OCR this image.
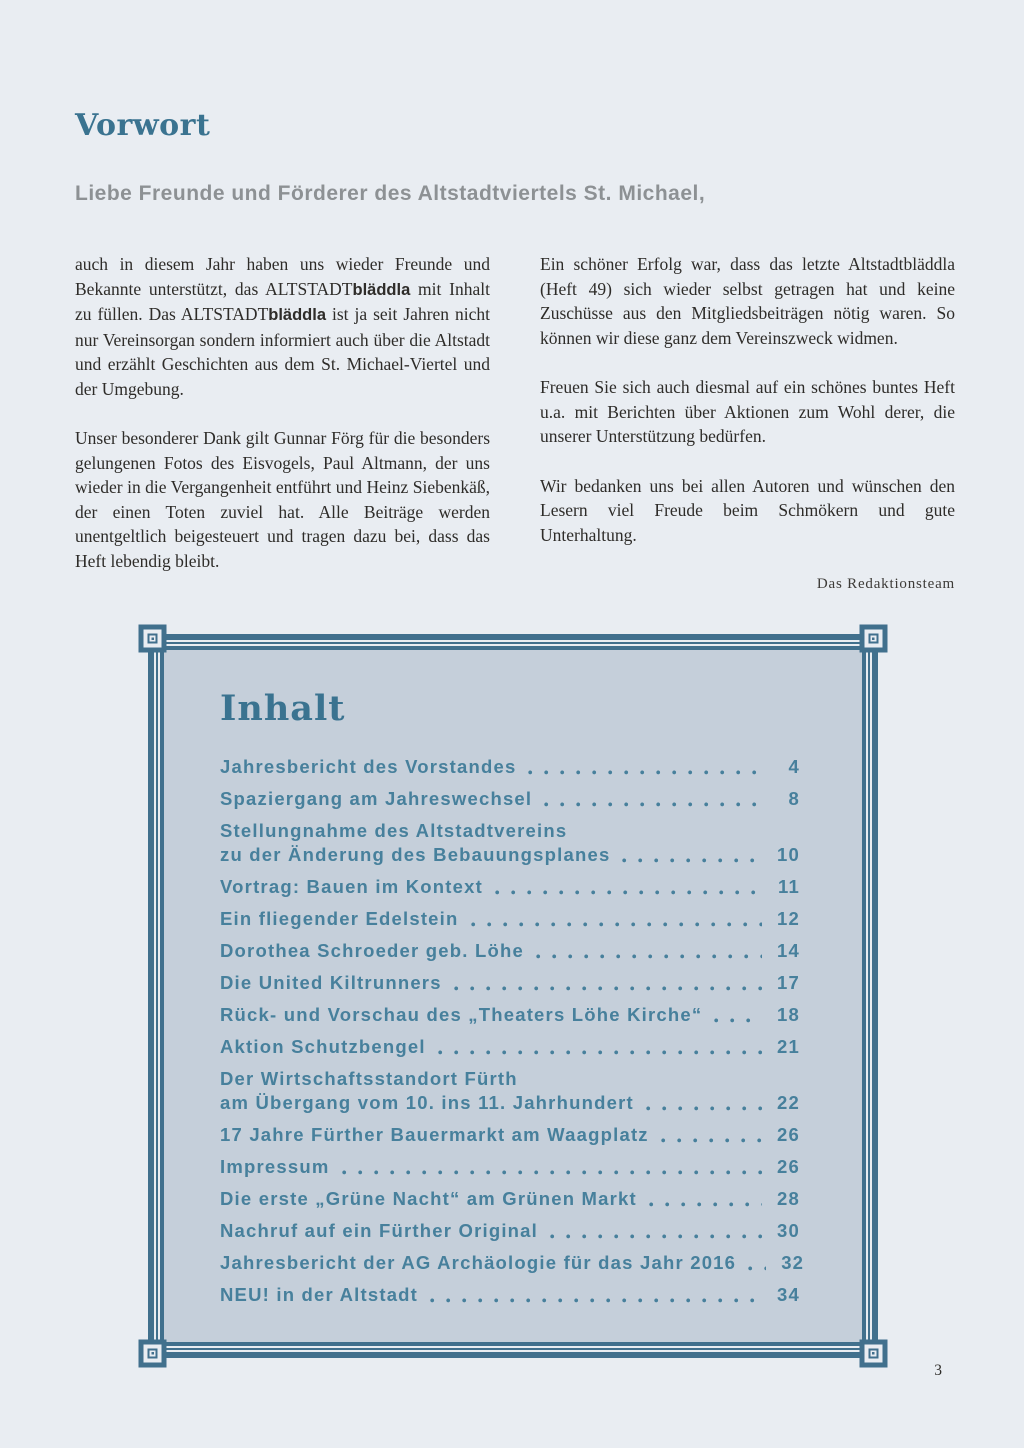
Vorwort

Liebe Freunde und Förderer des Altstadtviertels St. Michael,

auch in diesem Jahr haben uns wieder Freunde und Bekannte unterstützt, das ALTSTADTbläddla mit Inhalt zu füllen. Das ALTSTADTbläddla ist ja seit Jahren nicht nur Vereinsorgan sondern informiert auch über die Altstadt und erzählt Geschichten aus dem St. Michael-Viertel und der Umgebung.

Unser besonderer Dank gilt Gunnar Förg für die besonders gelungenen Fotos des Eisvogels, Paul Altmann, der uns wieder in die Vergangenheit entführt und Heinz Siebenkäß, der einen Toten zuviel hat. Alle Beiträge werden unentgeltlich beigesteuert und tragen dazu bei, dass das Heft lebendig bleibt.

Ein schöner Erfolg war, dass das letzte Altstadtbläddla (Heft 49) sich wieder selbst getragen hat und keine Zuschüsse aus den Mitgliedsbeiträgen nötig waren. So können wir diese ganz dem Vereinszweck widmen.

Freuen Sie sich auch diesmal auf ein schönes buntes Heft u.a. mit Berichten über Aktionen zum Wohl derer, die unserer Unterstützung bedürfen.

Wir bedanken uns bei allen Autoren und wünschen den Lesern viel Freude beim Schmökern und gute Unterhaltung.

Das Redaktionsteam
Inhalt
Jahresbericht des Vorstandes	4
Spaziergang am Jahreswechsel	8
Stellungnahme des Altstadtvereins
zu der Änderung des Bebauungsplanes	10
Vortrag: Bauen im Kontext	11
Ein fliegender Edelstein	12
Dorothea Schroeder geb. Löhe	14
Die United Kiltrunners	17
Rück- und Vorschau des „Theaters Löhe Kirche“	18
Aktion Schutzbengel	21
Der Wirtschaftsstandort Fürth
am Übergang vom 10. ins 11. Jahrhundert	22
17 Jahre Fürther Bauermarkt am Waagplatz	26
Impressum	26
Die erste „Grüne Nacht“ am Grünen Markt	28
Nachruf auf ein Fürther Original	30
Jahresbericht der AG Archäologie für das Jahr 2016	32
NEU! in der Altstadt	34
3
